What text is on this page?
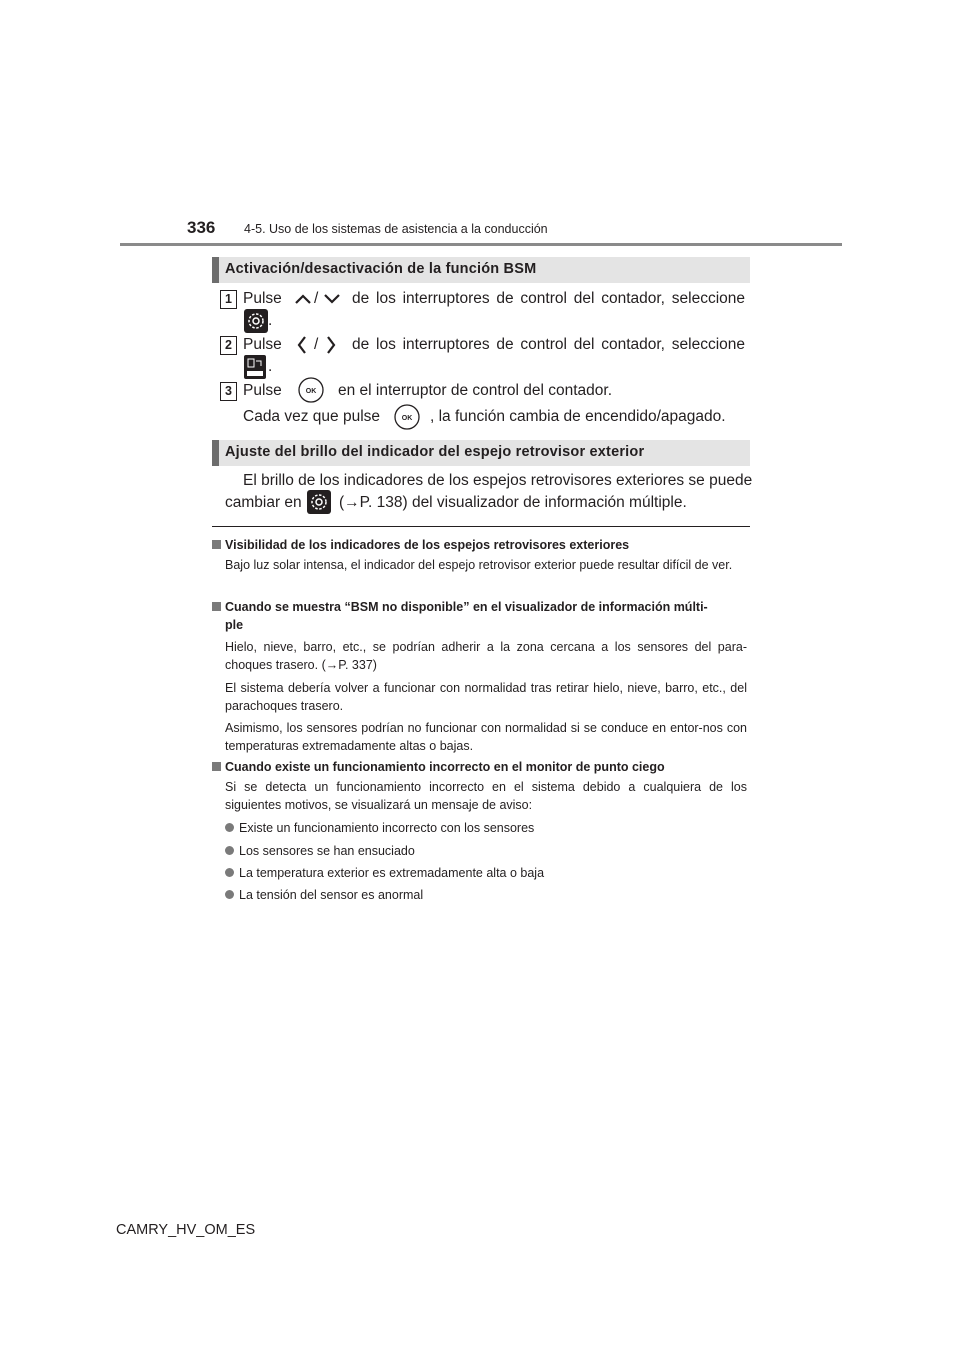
336 4-5. Uso de los sistemas de asistencia a la conducción
Activación/desactivación de la función BSM
1 Pulse / de los interruptores de control del contador, seleccione
.
2 Pulse / de los interruptores de control del contador, seleccione
.
3 Pulse	OK en el interruptor de control del contador.
Cada vez que pulse	OK , la función cambia de encendido/apagado.
Ajuste del brillo del indicador del espejo retrovisor exterior
El brillo de los indicadores de los espejos retrovisores exteriores se puede
cambiar en (→P. 138) del visualizador de información múltiple.
Visibilidad de los indicadores de los espejos retrovisores exteriores
Bajo luz solar intensa, el indicador del espejo retrovisor exterior puede resultar difícil de ver.
Cuando se muestra “BSM no disponible” en el visualizador de información múlti-
ple
Hielo, nieve, barro, etc., se podrían adherir a la zona cercana a los sensores del para-choques trasero. (→P. 337)
El sistema debería volver a funcionar con normalidad tras retirar hielo, nieve, barro, etc., del parachoques trasero.
Asimismo, los sensores podrían no funcionar con normalidad si se conduce en entor-nos con temperaturas extremadamente altas o bajas.
Cuando existe un funcionamiento incorrecto en el monitor de punto ciego
Si se detecta un funcionamiento incorrecto en el sistema debido a cualquiera de los siguientes motivos, se visualizará un mensaje de aviso:
Existe un funcionamiento incorrecto con los sensores
Los sensores se han ensuciado
La temperatura exterior es extremadamente alta o baja
La tensión del sensor es anormal
CAMRY_HV_OM_ES
